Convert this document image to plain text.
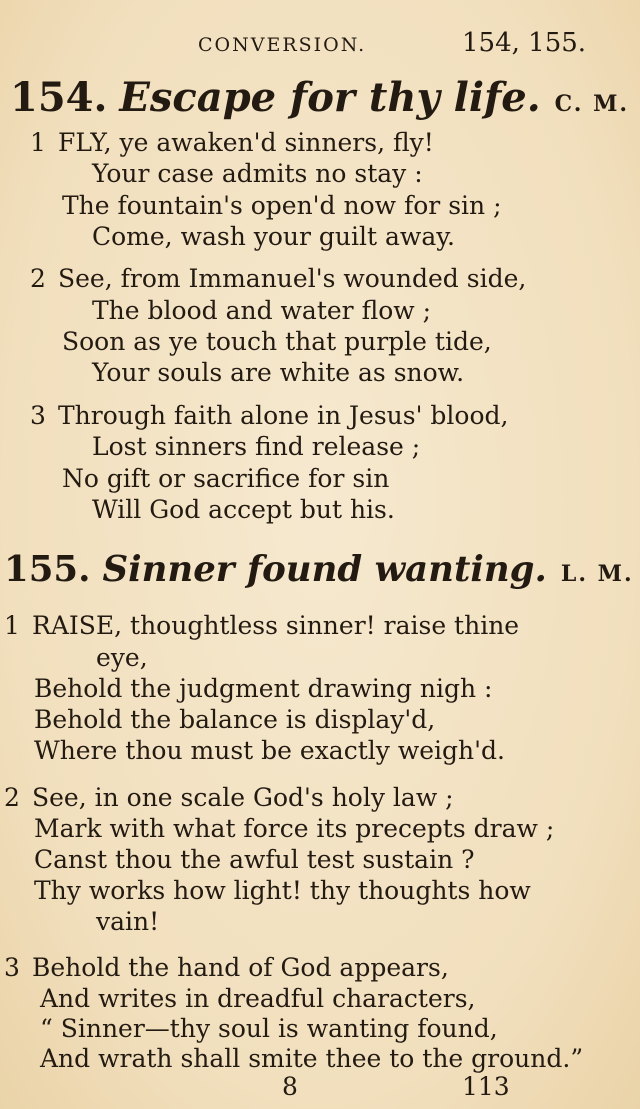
CONVERSION.	154, 155.
154. Escape for thy life. C. M.
1 FLY, ye awaken'd sinners, fly!
Your case admits no stay :
The fountain's open'd now for sin ;
Come, wash your guilt away.
2 See, from Immanuel's wounded side,
The blood and water flow ;
Soon as ye touch that purple tide,
Your souls are white as snow.
3 Through faith alone in Jesus' blood,
Lost sinners find release ;
No gift or sacrifice for sin
Will God accept but his.
155. Sinner found wanting. L. M.
1 RAISE, thoughtless sinner! raise thine
eye,
Behold the judgment drawing nigh :
Behold the balance is display'd,
Where thou must be exactly weigh'd.
2 See, in one scale God's holy law ;
Mark with what force its precepts draw ;
Canst thou the awful test sustain ?
Thy works how light! thy thoughts how
vain!
3 Behold the hand of God appears,
And writes in dreadful characters,
“ Sinner—thy soul is wanting found,
And wrath shall smite thee to the ground.”
8	113
